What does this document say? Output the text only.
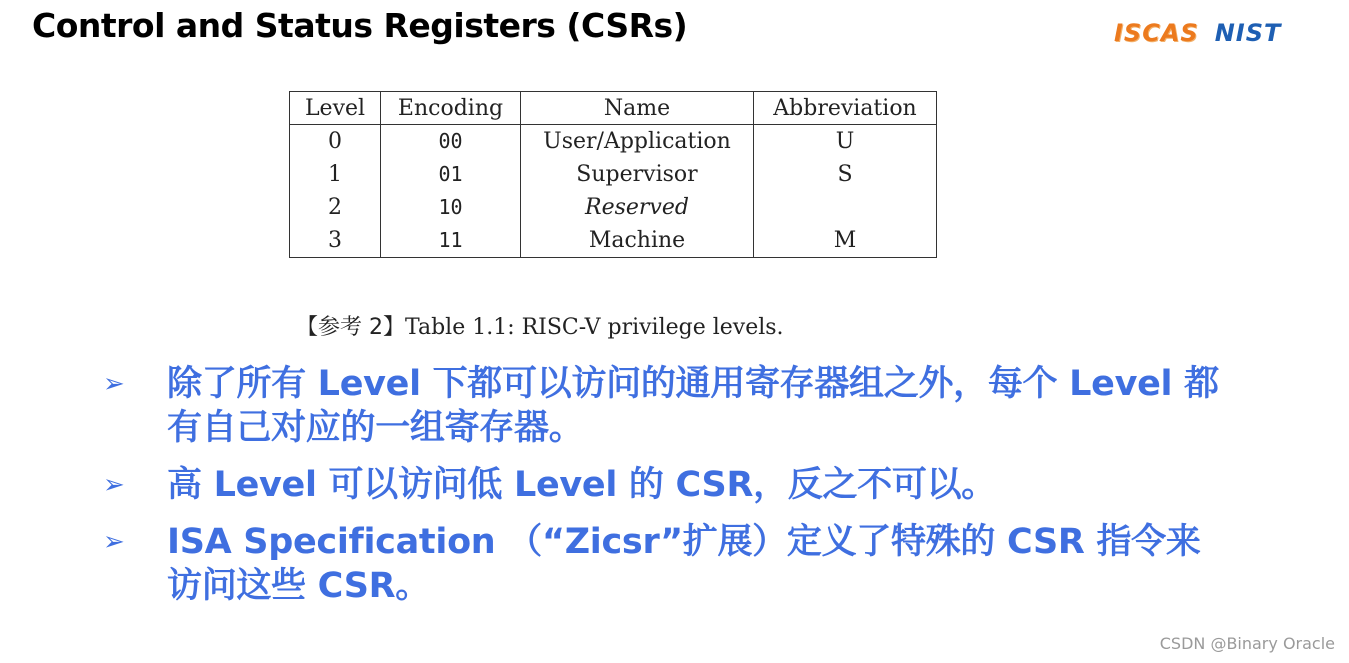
Control and Status Registers (CSRs)	ISCAS NIST
Level	Encoding	Name	Abbreviation
0	00	User/Application	U
1	01	Supervisor	S
2	10	Reserved	
3	11	Machine	M
【参考 2】Table 1.1: RISC-V privilege levels.
➢	除了所有 Level 下都可以访问的通用寄存器组之外，每个 Level 都有自己对应的一组寄存器。
➢	高 Level 可以访问低 Level 的 CSR，反之不可以。
➢	ISA Specification （“Zicsr”扩展）定义了特殊的 CSR 指令来访问这些 CSR。
CSDN @Binary Oracle
